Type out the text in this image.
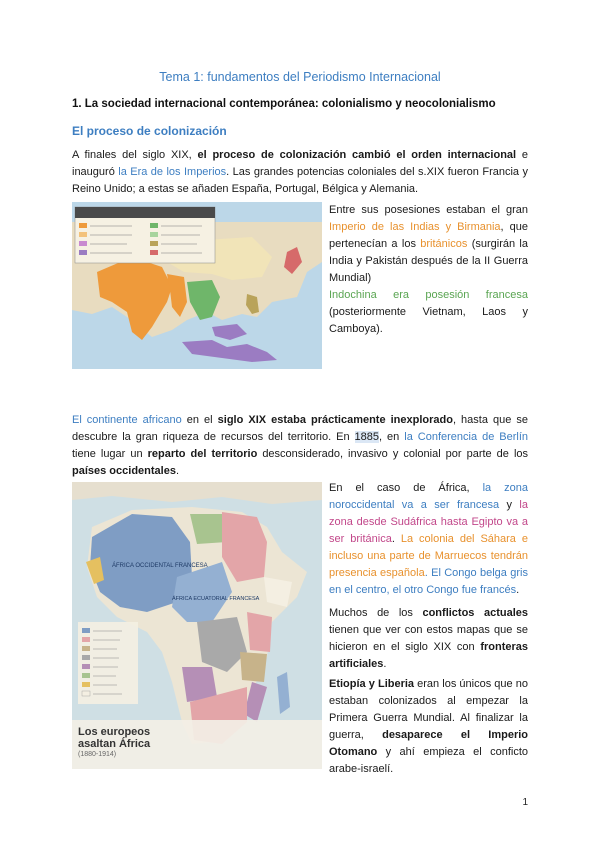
Tema 1: fundamentos del Periodismo Internacional
1. La sociedad internacional contemporánea: colonialismo y neocolonialismo
El proceso de colonización

A finales del siglo XIX, el proceso de colonización cambió el orden internacional e inauguró la Era de los Imperios. Las grandes potencias coloniales del s.XIX fueron Francia y Reino Unido; a estas se añaden España, Portugal, Bélgica y Alemania.

Entre sus posesiones estaban el gran Imperio de las Indias y Birmania, que pertenecían a los británicos (surgirán la India y Pakistán después de la II Guerra Mundial)

Indochina era posesión francesa (posteriormente Vietnam, Laos y Camboya).

El continente africano en el siglo XIX estaba prácticamente inexplorado, hasta que se descubre la gran riqueza de recursos del territorio. En 1885, en la Conferencia de Berlín tiene lugar un reparto del territorio desconsiderado, invasivo y colonial por parte de los países occidentales.

ÁFRICA OCCIDENTAL FRANCESA
ÁFRICA ECUATORIAL FRANCESA
Los europeos
asaltan África
(1880-1914)

En el caso de África, la zona noroccidental va a ser francesa y la zona desde Sudáfrica hasta Egipto va a ser británica. La colonia del Sáhara e incluso una parte de Marruecos tendrán presencia española. El Congo belga gris en el centro, el otro Congo fue francés.

Muchos de los conflictos actuales tienen que ver con estos mapas que se hicieron en el siglo XIX con fronteras artificiales.

Etiopía y Liberia eran los únicos que no estaban colonizados al empezar la Primera Guerra Mundial. Al finalizar la guerra, desaparece el Imperio Otomano y ahí empieza el conficto arabe-israelí.

1
